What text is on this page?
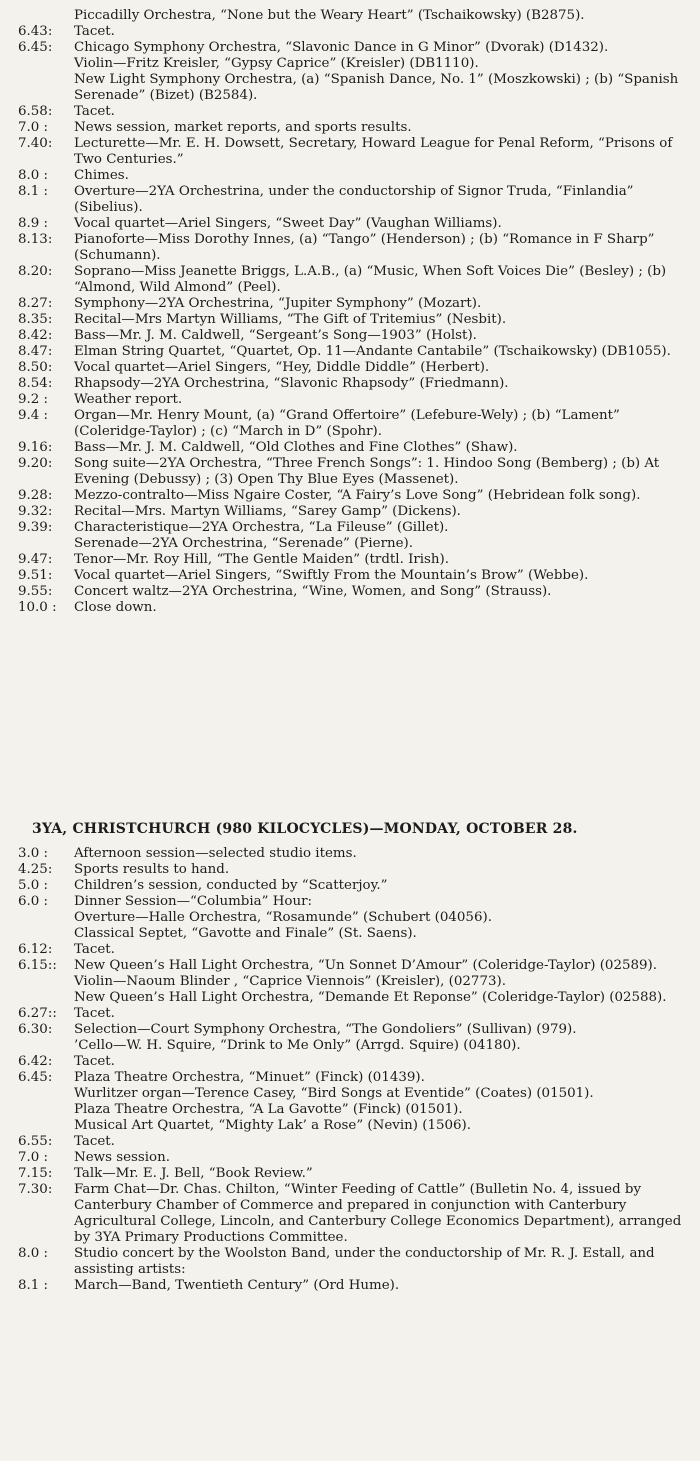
Piccadilly Orchestra, “None but the Weary Heart” (Tschaikowsky) (B2875).
6.43:	Tacet.
6.45:	Chicago Symphony Orchestra, “Slavonic Dance in G Minor” (Dvorak) (D1432).
Violin—Fritz Kreisler, “Gypsy Caprice” (Kreisler) (DB1110).
New Light Symphony Orchestra, (a) “Spanish Dance, No. 1” (Moszkowski) ; (b) “Spanish Serenade” (Bizet) (B2584).
6.58:	Tacet.
7.0 :	News session, market reports, and sports results.
7.40:	Lecturette—Mr. E. H. Dowsett, Secretary, Howard League for Penal Reform, “Prisons of Two Centuries.”
8.0 :	Chimes.
8.1 :	Overture—2YA Orchestrina, under the conductorship of Signor Truda, “Finlandia” (Sibelius).
8.9 :	Vocal quartet—Ariel Singers, “Sweet Day” (Vaughan Williams).
8.13:	Pianoforte—Miss Dorothy Innes, (a) “Tango” (Henderson) ; (b) “Romance in F Sharp” (Schumann).
8.20:	Soprano—Miss Jeanette Briggs, L.A.B., (a) “Music, When Soft Voices Die” (Besley) ; (b) “Almond, Wild Almond” (Peel).
8.27:	Symphony—2YA Orchestrina, “Jupiter Symphony” (Mozart).
8.35:	Recital—Mrs Martyn Williams, “The Gift of Tritemius” (Nesbit).
8.42:	Bass—Mr. J. M. Caldwell, “Sergeant’s Song—1903” (Holst).
8.47:	Elman String Quartet, “Quartet, Op. 11—Andante Cantabile” (Tschaikowsky) (DB1055).
8.50:	Vocal quartet—Ariel Singers, “Hey, Diddle Diddle” (Herbert).
8.54:	Rhapsody—2YA Orchestrina, “Slavonic Rhapsody” (Friedmann).
9.2 :	Weather report.
9.4 :	Organ—Mr. Henry Mount, (a) “Grand Offertoire” (Lefebure-Wely) ; (b) “Lament” (Coleridge-Taylor) ; (c) “March in D” (Spohr).
9.16:	Bass—Mr. J. M. Caldwell, “Old Clothes and Fine Clothes” (Shaw).
9.20:	Song suite—2YA Orchestra, “Three French Songs”: 1. Hindoo Song (Bemberg) ; (b) At Evening (Debussy) ; (3) Open Thy Blue Eyes (Massenet).
9.28:	Mezzo-contralto—Miss Ngaire Coster, “A Fairy’s Love Song” (Hebridean folk song).
9.32:	Recital—Mrs. Martyn Williams, “Sarey Gamp” (Dickens).
9.39:	Characteristique—2YA Orchestra, “La Fileuse” (Gillet).
Serenade—2YA Orchestrina, “Serenade” (Pierne).
9.47:	Tenor—Mr. Roy Hill, “The Gentle Maiden” (trdtl. Irish).
9.51:	Vocal quartet—Ariel Singers, “Swiftly From the Mountain’s Brow” (Webbe).
9.55:	Concert waltz—2YA Orchestrina, “Wine, Women, and Song” (Strauss).
10.0 :	Close down.
3YA, CHRISTCHURCH (980 KILOCYCLES)—MONDAY, OCTOBER 28.
3.0 :	Afternoon session—selected studio items.
4.25:	Sports results to hand.
5.0 :	Children’s session, conducted by “Scatterjoy.”
6.0 :	Dinner Session—“Columbia” Hour:
Overture—Halle Orchestra, “Rosamunde” (Schubert (04056).
Classical Septet, “Gavotte and Finale” (St. Saens).
6.12:	Tacet.
6.15::	New Queen’s Hall Light Orchestra, “Un Sonnet D’Amour” (Coleridge-Taylor) (02589).
Violin—Naoum Blinder , “Caprice Viennois” (Kreisler), (02773).
New Queen’s Hall Light Orchestra, “Demande Et Reponse” (Coleridge-Taylor) (02588).
6.27::	Tacet.
6.30:	Selection—Court Symphony Orchestra, “The Gondoliers” (Sullivan) (979).
’Cello—W. H. Squire, “Drink to Me Only” (Arrgd. Squire) (04180).
6.42:	Tacet.
6.45:	Plaza Theatre Orchestra, “Minuet” (Finck) (01439).
Wurlitzer organ—Terence Casey, “Bird Songs at Eventide” (Coates) (01501).
Plaza Theatre Orchestra, “A La Gavotte” (Finck) (01501).
Musical Art Quartet, “Mighty Lak’ a Rose” (Nevin) (1506).
6.55:	Tacet.
7.0 :	News session.
7.15:	Talk—Mr. E. J. Bell, “Book Review.”
7.30:	Farm Chat—Dr. Chas. Chilton, “Winter Feeding of Cattle” (Bulletin No. 4, issued by Canterbury Chamber of Commerce and prepared in conjunction with Canterbury Agricultural College, Lincoln, and Canterbury College Economics Department), arranged by 3YA Primary Productions Committee.
8.0 :	Studio concert by the Woolston Band, under the conductorship of Mr. R. J. Estall, and assisting artists:
8.1 :	March—Band, Twentieth Century” (Ord Hume).
